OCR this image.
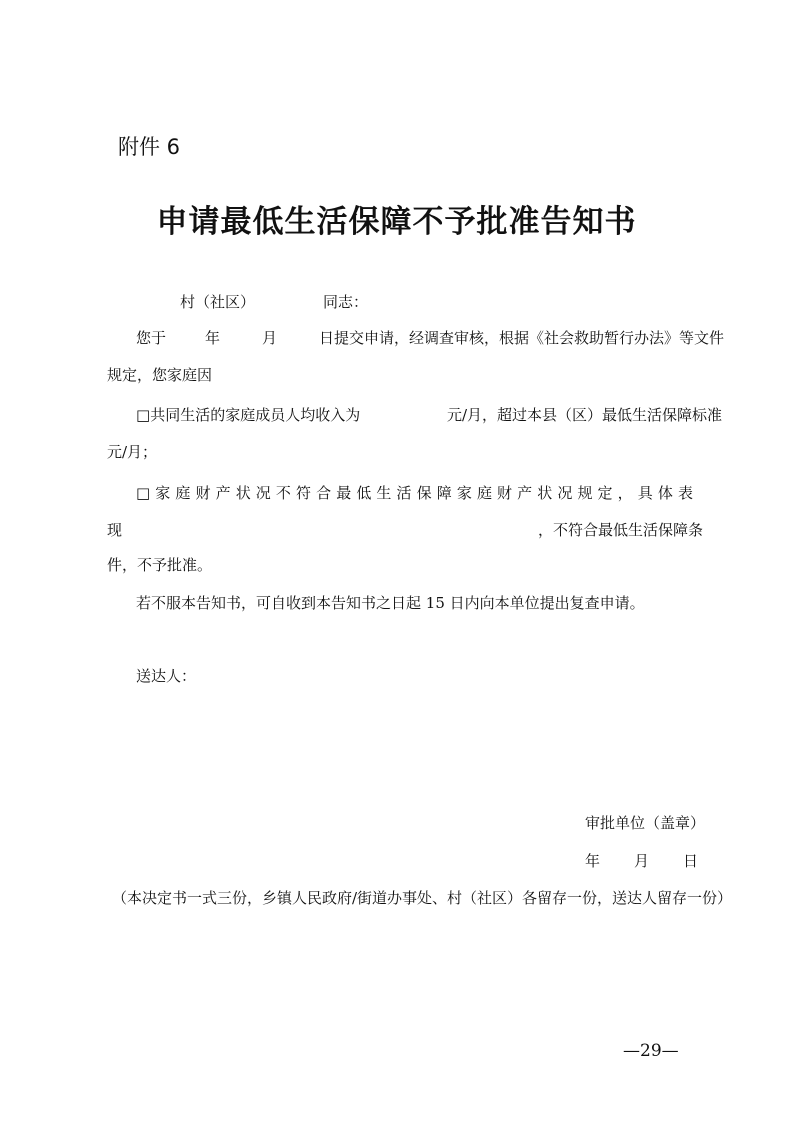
附件 6
申请最低生活保障不予批准告知书
村（社区）	同志：
您于	年	月	日提交申请，经调查审核，根据《社会救助暂行办法》等文件
规定，您家庭因
□共同生活的家庭成员人均收入为	元/月，超过本县（区）最低生活保障标准
元/月；
□家庭财产状况不符合最低生活保障家庭财产状况规定，具体表
现	，不符合最低生活保障条
件，不予批准。
若不服本告知书，可自收到本告知书之日起 15 日内向本单位提出复查申请。
送达人：
审批单位（盖章）
年 月 日
（本决定书一式三份，乡镇人民政府/街道办事处、村（社区）各留存一份，送达人留存一份）
—29—
